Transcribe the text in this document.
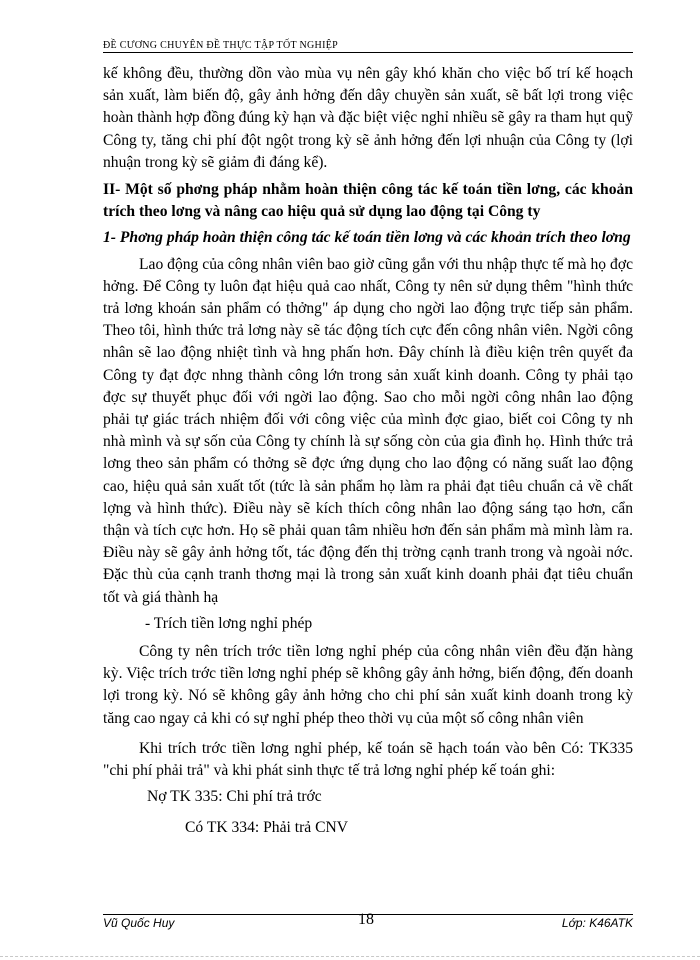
ĐỀ CƯƠNG CHUYÊN ĐỀ THỰC TẬP TỐT NGHIỆP

kế không đều, thường dồn vào mùa vụ nên gây khó khăn cho việc bố trí kế hoạch sản xuất, làm biến độ, gây ảnh hởng đến dây chuyền sản xuất, sẽ bất lợi trong việc hoàn thành hợp đồng đúng kỳ hạn và đặc biệt việc nghỉ nhiều sẽ gây ra tham hụt quỹ Công ty, tăng chi phí đột ngột trong kỳ sẽ ảnh hởng đến lợi nhuận của Công ty (lợi nhuận trong kỳ sẽ giảm đi đáng kể).

II- Một số phơng pháp nhằm hoàn thiện công tác kế toán tiền lơng, các khoản trích theo lơng và nâng cao hiệu quả sử dụng lao động tại Công ty

1- Phơng pháp hoàn thiện công tác kế toán tiền lơng và các khoản trích theo lơng

Lao động của công nhân viên bao giờ cũng gắn với thu nhập thực tế mà họ đợc hởng. Để Công ty luôn đạt hiệu quả cao nhất, Công ty nên sử dụng thêm "hình thức trả lơng khoán sản phẩm có thởng" áp dụng cho ngời lao động trực tiếp sản phẩm. Theo tôi, hình thức trả lơng này sẽ tác động tích cực đến công nhân viên. Ngời công nhân sẽ lao động nhiệt tình và hng phấn hơn. Đây chính là điều kiện trên quyết đa Công ty đạt đợc nhng thành công lớn trong sản xuất kinh doanh. Công ty phải tạo đợc sự thuyết phục đối với ngời lao động. Sao cho mỗi ngời công nhân lao động phải tự giác trách nhiệm đối với công việc của mình đợc giao, biết coi Công ty nh nhà mình và sự sốn của Công ty chính là sự sống còn của gia đình họ. Hình thức trả lơng theo sản phẩm có thởng sẽ đợc ứng dụng cho lao động có năng suất lao động cao, hiệu quả sản xuất tốt (tức là sản phẩm họ làm ra phải đạt tiêu chuẩn cả về chất lợng và hình thức). Điều này sẽ kích thích công nhân lao động sáng tạo hơn, cẩn thận và tích cực hơn. Họ sẽ phải quan tâm nhiều hơn đến sản phẩm mà mình làm ra. Điều này sẽ gây ảnh hởng tốt, tác động đến thị trờng cạnh tranh trong và ngoài nớc. Đặc thù của cạnh tranh thơng mại là trong sản xuất kinh doanh phải đạt tiêu chuẩn tốt và giá thành hạ

- Trích tiền lơng nghỉ phép

Công ty nên trích trớc tiền lơng nghỉ phép của công nhân viên đều đặn hàng kỳ. Việc trích trớc tiền lơng nghỉ phép sẽ không gây ảnh hởng, biến động, đến doanh lợi trong kỳ. Nó sẽ không gây ảnh hởng cho chi phí sản xuất kinh doanh trong kỳ tăng cao ngay cả khi có sự nghỉ phép theo thời vụ của một số công nhân viên

Khi trích trớc tiền lơng nghỉ phép, kế toán sẽ hạch toán vào bên Có: TK335 "chi phí phải trả" và khi phát sinh thực tế trả lơng nghỉ phép kế toán ghi:

Nợ TK 335: Chi phí trả trớc

Có TK 334: Phải trả CNV

Vũ Quốc Huy	18	Lớp: K46ATK
